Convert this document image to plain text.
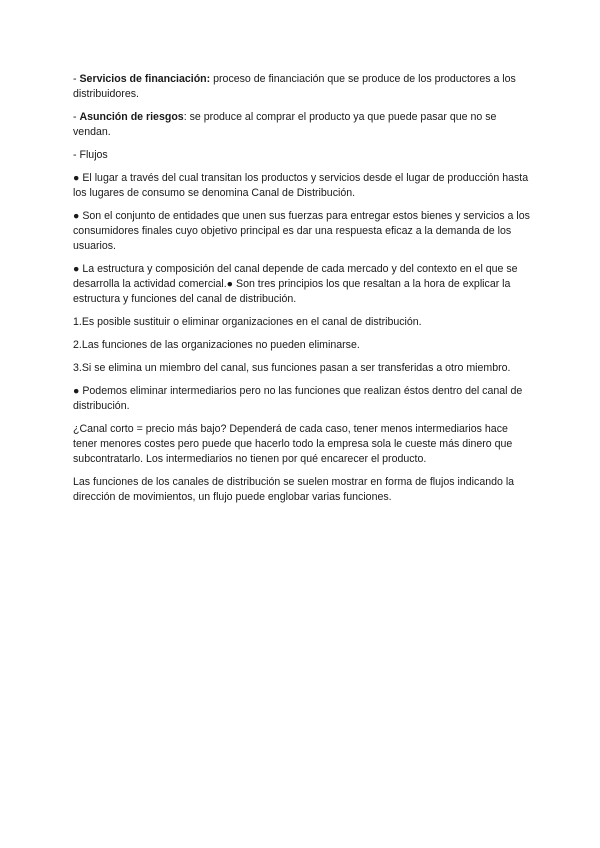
- Servicios de financiación: proceso de financiación que se produce de los productores a los distribuidores.

- Asunción de riesgos: se produce al comprar el producto ya que puede pasar que no se vendan.

- Flujos

● El lugar a través del cual transitan los productos y servicios desde el lugar de producción hasta los lugares de consumo se denomina Canal de Distribución.

● Son el conjunto de entidades que unen sus fuerzas para entregar estos bienes y servicios a los consumidores finales cuyo objetivo principal es dar una respuesta eficaz a la demanda de los usuarios.

● La estructura y composición del canal depende de cada mercado y del contexto en el que se desarrolla la actividad comercial.● Son tres principios los que resaltan a la hora de explicar la estructura y funciones del canal de distribución.

1.Es posible sustituir o eliminar organizaciones en el canal de distribución.

2.Las funciones de las organizaciones no pueden eliminarse.

3.Si se elimina un miembro del canal, sus funciones pasan a ser transferidas a otro miembro.

● Podemos eliminar intermediarios pero no las funciones que realizan éstos dentro del canal de distribución.

¿Canal corto = precio más bajo? Dependerá de cada caso, tener menos intermediarios hace tener menores costes pero puede que hacerlo todo la empresa sola le cueste más dinero que subcontratarlo. Los intermediarios no tienen por qué encarecer el producto.

Las funciones de los canales de distribución se suelen mostrar en forma de flujos indicando la dirección de movimientos, un flujo puede englobar varias funciones.
